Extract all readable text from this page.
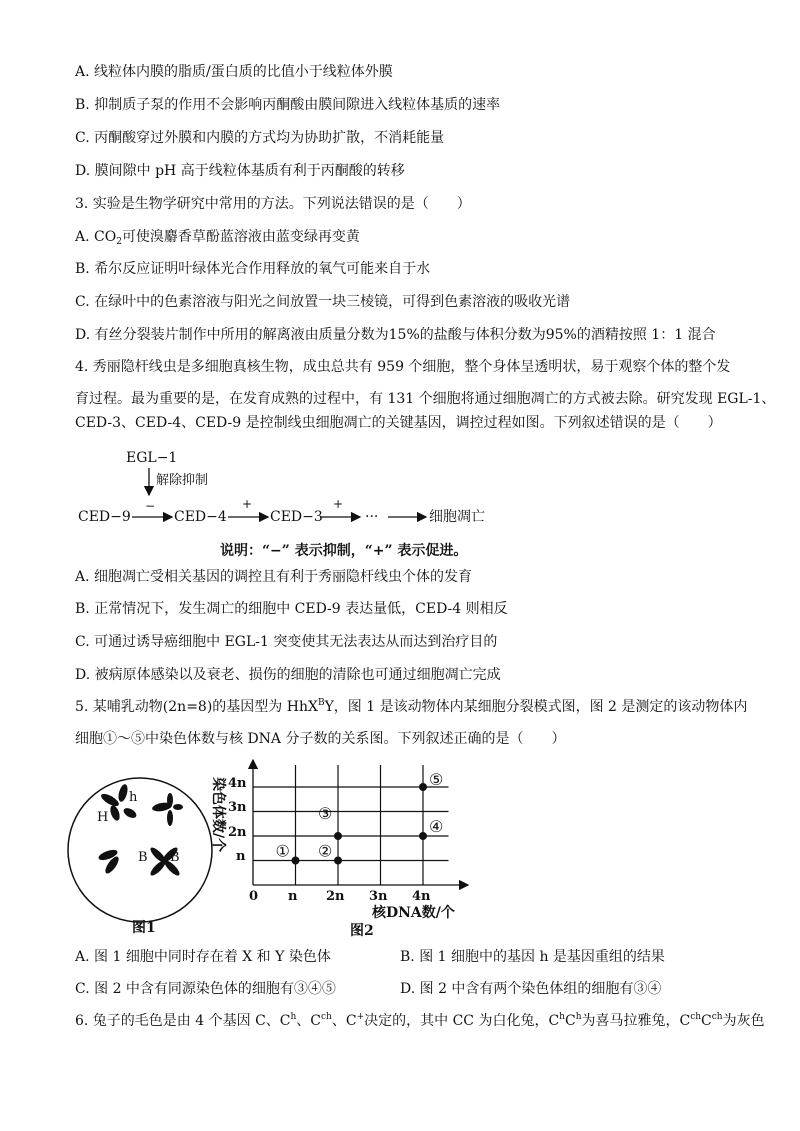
A. 线粒体内膜的脂质/蛋白质的比值小于线粒体外膜
B. 抑制质子泵的作用不会影响丙酮酸由膜间隙进入线粒体基质的速率
C. 丙酮酸穿过外膜和内膜的方式均为协助扩散，不消耗能量
D. 膜间隙中 pH 高于线粒体基质有利于丙酮酸的转移
3. 实验是生物学研究中常用的方法。下列说法错误的是（　　）
A. $CO_2$可使溴麝香草酚蓝溶液由蓝变绿再变黄
B. 希尔反应证明叶绿体光合作用释放的氧气可能来自于水
C. 在绿叶中的色素溶液与阳光之间放置一块三棱镜，可得到色素溶液的吸收光谱
D. 有丝分裂装片制作中所用的解离液由质量分数为15%的盐酸与体积分数为95%的酒精按照 1：1 混合
4. 秀丽隐杆线虫是多细胞真核生物，成虫总共有 959 个细胞，整个身体呈透明状，易于观察个体的整个发
育过程。最为重要的是，在发育成熟的过程中，有 131 个细胞将通过细胞凋亡的方式被去除。研究发现 EGL-1、
CED-3、CED-4、CED-9 是控制线虫细胞凋亡的关键基因，调控过程如图。下列叙述错误的是（　　）
EGL−1
解除抑制
CED−9
−
CED−4
+
CED−3
+
···	细胞凋亡
说明：“−” 表示抑制，“+” 表示促进。
A. 细胞凋亡受相关基因的调控且有利于秀丽隐杆线虫个体的发育
B. 正常情况下，发生凋亡的细胞中 CED-9 表达量低，CED-4 则相反
C. 可通过诱导癌细胞中 EGL-1 突变使其无法表达从而达到治疗目的
D. 被病原体感染以及衰老、损伤的细胞的清除也可通过细胞凋亡完成
5. 某哺乳动物(2n=8)的基因型为 HhX$^B$Y，图 1 是该动物体内某细胞分裂模式图，图 2 是测定的该动物体内
细胞①～⑤中染色体数与核 DNA 分子数的关系图。下列叙述正确的是（　　）
H
h
B B
图1
0 n 2n 3n 4n
n
2n
3n
4n
染色体数/个
核DNA数/个
图2
① ②
③
④
⑤
A. 图 1 细胞中同时存在着 X 和 Y 染色体	B. 图 1 细胞中的基因 h 是基因重组的结果
C. 图 2 中含有同源染色体的细胞有③④⑤	D. 图 2 中含有两个染色体组的细胞有③④
6. 兔子的毛色是由 4 个基因 C、$C^h$、$C^{ch}$、C+决定的，其中 CC 为白化兔，$C^hC^h$为喜马拉雅兔，$C^{ch}C^{ch}$为灰色
